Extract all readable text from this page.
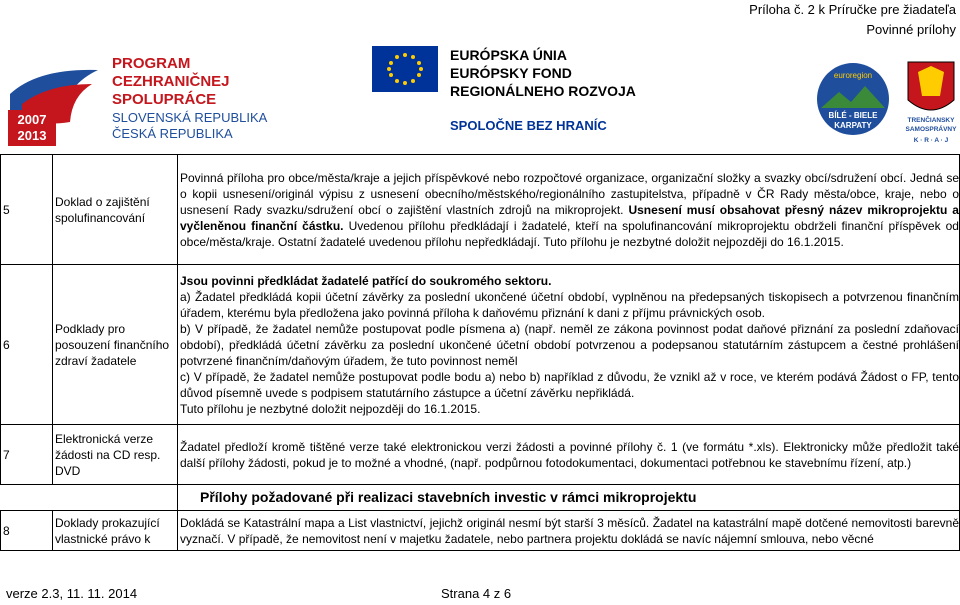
Príloha č. 2 k Príručke pre žiadateľa
Povinné prílohy
2007
2013
PROGRAM
CEZHRANIČNEJ
SPOLUPRÁCE
SLOVENSKÁ REPUBLIKA
ČESKÁ REPUBLIKA
EURÓPSKA ÚNIA
EURÓPSKY FOND
REGIONÁLNEHO ROZVOJA
SPOLOČNE BEZ HRANÍC
euroregion
BÍLÉ - BIELE
KARPATY
TRENČIANSKY
SAMOSPRÁVNY
K · R · A · J
5	Doklad o zajištění spolufinancování	Povinná příloha pro obce/města/kraje a jejich příspěvkové nebo rozpočtové organizace, organizační složky a svazky obcí/sdružení obcí. Jedná se o kopii usnesení/originál výpisu z usnesení obecního/městského/regionálního zastupitelstva, případně v ČR Rady města/obce, kraje, nebo o usnesení Rady svazku/sdružení obcí o zajištění vlastních zdrojů na mikroprojekt. Usnesení musí obsahovat přesný název mikroprojektu a vyčleněnou finanční částku. Uvedenou přílohu předkládají i žadatelé, kteří na spolufinancování mikroprojektu obdrželi finanční příspěvek od obce/města/kraje. Ostatní žadatelé uvedenou přílohu nepředkládají. Tuto přílohu je nezbytné doložit nejpozději do 16.1.2015.
6	Podklady pro posouzení finančního zdraví žadatele	Jsou povinni předkládat žadatelé patřící do soukromého sektoru.
a) Žadatel předkládá kopii účetní závěrky za poslední ukončené účetní období, vyplněnou na předepsaných tiskopisech a potvrzenou finančním úřadem, kterému byla předložena jako povinná příloha k daňovému přiznání k dani z příjmu právnických osob.
b) V případě, že žadatel nemůže postupovat podle písmena a) (např. neměl ze zákona povinnost podat daňové přiznání za poslední zdaňovací období), předkládá účetní závěrku za poslední ukončené účetní období potvrzenou a podepsanou statutárním zástupcem a čestné prohlášení potvrzené finančním/daňovým úřadem, že tuto povinnost neměl
c) V případě, že žadatel nemůže postupovat podle bodu a) nebo b) například z důvodu, že vznikl až v roce, ve kterém podává Žádost o FP, tento důvod písemně uvede s podpisem statutárního zástupce a účetní závěrku nepřikládá.
Tuto přílohu je nezbytné doložit nejpozději do 16.1.2015.

7	Elektronická verze žádosti na CD resp. DVD	Žadatel předloží kromě tištěné verze také elektronickou verzi žádosti a povinné přílohy č. 1 (ve formátu *.xls). Elektronicky může předložit také další přílohy žádosti, pokud je to možné a vhodné, (např. podpůrnou fotodokumentaci, dokumentaci potřebnou ke stavebnímu řízení, atp.)
		Přílohy požadované při realizaci stavebních investic v rámci mikroprojektu
8	Doklady prokazující vlastnické právo k	Dokládá se Katastrální mapa a List vlastnictví, jejichž originál nesmí být starší 3 měsíců. Žadatel na katastrální mapě dotčené nemovitosti barevně vyznačí. V případě, že nemovitost není v majetku žadatele, nebo partnera projektu dokládá se navíc nájemní smlouva, nebo věcné
verze 2.3, 11. 11. 2014	Strana 4 z 6
